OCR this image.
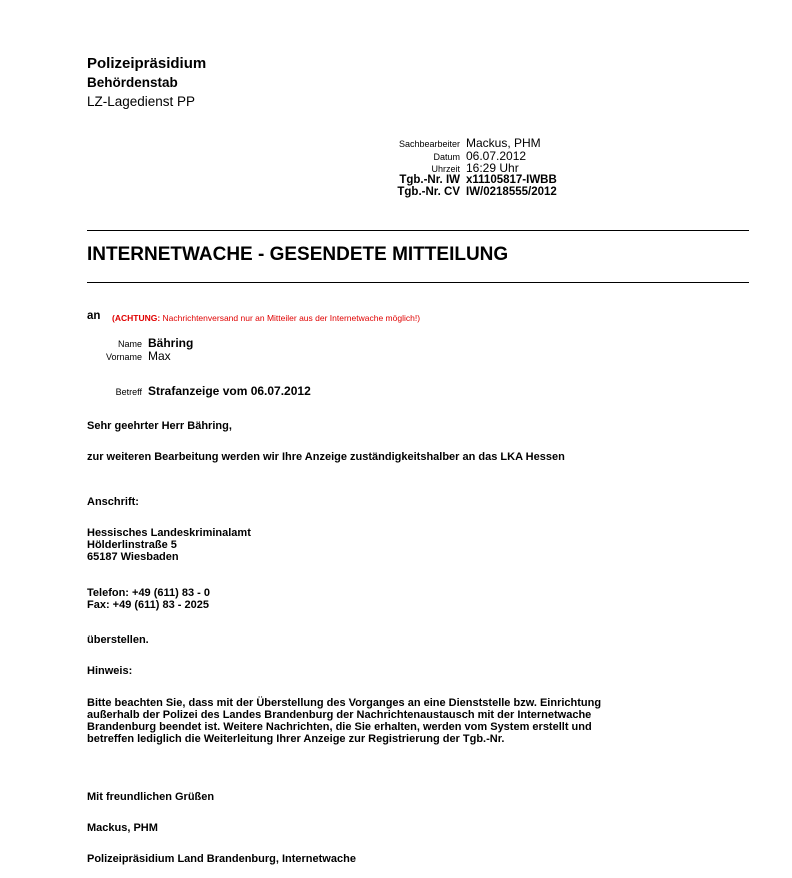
Polizeipräsidium
Behördenstab
LZ-Lagedienst PP
Sachbearbeiter Mackus, PHM
Datum 06.07.2012
Uhrzeit 16:29 Uhr
Tgb.-Nr. IW x11105817-IWBB
Tgb.-Nr. CV IW/0218555/2012
INTERNETWACHE - GESENDETE MITTEILUNG
an (ACHTUNG: Nachrichtenversand nur an Mitteiler aus der Internetwache möglich!)
Name Bähring
Vorname Max
Betreff Strafanzeige vom 06.07.2012
Sehr geehrter Herr Bähring,
zur weiteren Bearbeitung werden wir Ihre Anzeige zuständigkeitshalber an das LKA Hessen
Anschrift:
Hessisches Landeskriminalamt
Hölderlinstraße 5
65187 Wiesbaden
Telefon: +49 (611) 83 - 0
Fax: +49 (611) 83 - 2025
überstellen.
Hinweis:
Bitte beachten Sie, dass mit der Überstellung des Vorganges an eine Dienststelle bzw. Einrichtung
außerhalb der Polizei des Landes Brandenburg der Nachrichtenaustausch mit der Internetwache
Brandenburg beendet ist. Weitere Nachrichten, die Sie erhalten, werden vom System erstellt und
betreffen lediglich die Weiterleitung Ihrer Anzeige zur Registrierung der Tgb.-Nr.
Mit freundlichen Grüßen
Mackus, PHM
Polizeipräsidium Land Brandenburg, Internetwache
